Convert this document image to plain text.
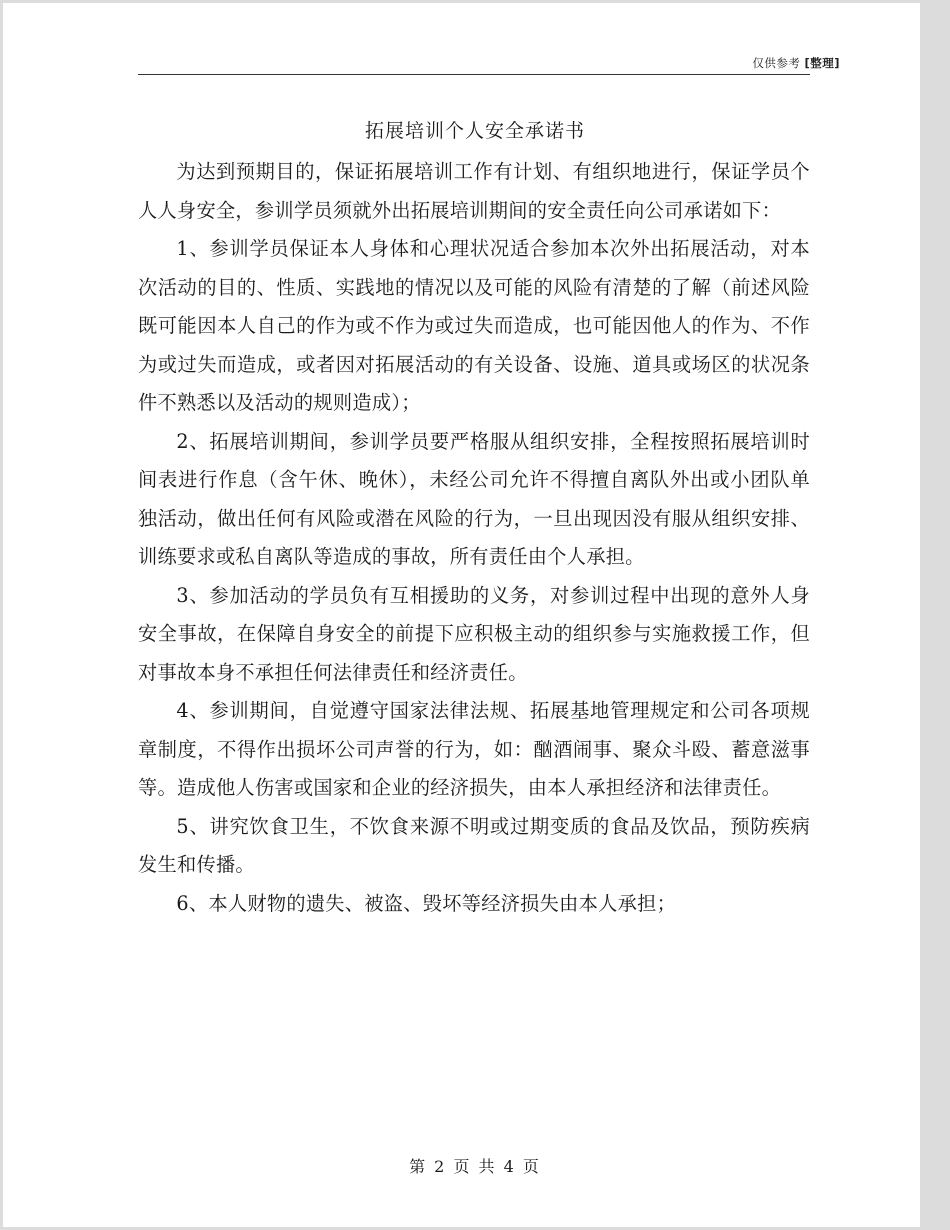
仅供参考 [整理]
拓展培训个人安全承诺书

为达到预期目的，保证拓展培训工作有计划、有组织地进行，保证学员个人人身安全，参训学员须就外出拓展培训期间的安全责任向公司承诺如下：

1、参训学员保证本人身体和心理状况适合参加本次外出拓展活动，对本次活动的目的、性质、实践地的情况以及可能的风险有清楚的了解（前述风险既可能因本人自己的作为或不作为或过失而造成，也可能因他人的作为、不作为或过失而造成，或者因对拓展活动的有关设备、设施、道具或场区的状况条件不熟悉以及活动的规则造成）；

2、拓展培训期间，参训学员要严格服从组织安排，全程按照拓展培训时间表进行作息（含午休、晚休），未经公司允许不得擅自离队外出或小团队单独活动，做出任何有风险或潜在风险的行为，一旦出现因没有服从组织安排、训练要求或私自离队等造成的事故，所有责任由个人承担。

3、参加活动的学员负有互相援助的义务，对参训过程中出现的意外人身安全事故，在保障自身安全的前提下应积极主动的组织参与实施救援工作，但对事故本身不承担任何法律责任和经济责任。

4、参训期间，自觉遵守国家法律法规、拓展基地管理规定和公司各项规章制度，不得作出损坏公司声誉的行为，如：酗酒闹事、聚众斗殴、蓄意滋事等。造成他人伤害或国家和企业的经济损失，由本人承担经济和法律责任。

5、讲究饮食卫生，不饮食来源不明或过期变质的食品及饮品，预防疾病发生和传播。

6、本人财物的遗失、被盗、毁坏等经济损失由本人承担；

第 2 页 共 4 页
